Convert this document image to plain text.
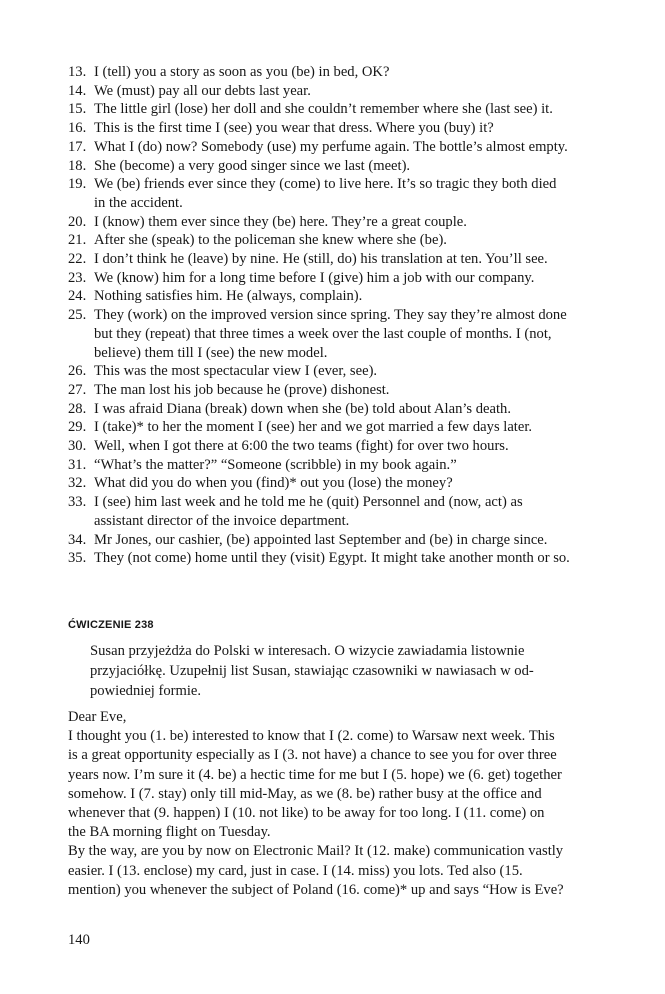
13. I (tell) you a story as soon as you (be) in bed, OK?
14. We (must) pay all our debts last year.
15. The little girl (lose) her doll and she couldn’t remember where she (last see) it.
16. This is the first time I (see) you wear that dress. Where you (buy) it?
17. What I (do) now? Somebody (use) my perfume again. The bottle’s almost empty.
18. She (become) a very good singer since we last (meet).
19. We (be) friends ever since they (come) to live here. It’s so tragic they both died
in the accident.
20. I (know) them ever since they (be) here. They’re a great couple.
21. After she (speak) to the policeman she knew where she (be).
22. I don’t think he (leave) by nine. He (still, do) his translation at ten. You’ll see.
23. We (know) him for a long time before I (give) him a job with our company.
24. Nothing satisfies him. He (always, complain).
25. They (work) on the improved version since spring. They say they’re almost done
but they (repeat) that three times a week over the last couple of months. I (not,
believe) them till I (see) the new model.
26. This was the most spectacular view I (ever, see).
27. The man lost his job because he (prove) dishonest.
28. I was afraid Diana (break) down when she (be) told about Alan’s death.
29. I (take)* to her the moment I (see) her and we got married a few days later.
30. Well, when I got there at 6:00 the two teams (fight) for over two hours.
31. “What’s the matter?” “Someone (scribble) in my book again.”
32. What did you do when you (find)* out you (lose) the money?
33. I (see) him last week and he told me he (quit) Personnel and (now, act) as
assistant director of the invoice department.
34. Mr Jones, our cashier, (be) appointed last September and (be) in charge since.
35. They (not come) home until they (visit) Egypt. It might take another month or so.
ĆWICZENIE 238
Susan przyjeżdża do Polski w interesach. O wizycie zawiadamia listownie
przyjaciółkę. Uzupełnij list Susan, stawiając czasowniki w nawiasach w od-
powiedniej formie.
Dear Eve,
I thought you (1. be) interested to know that I (2. come) to Warsaw next week. This
is a great opportunity especially as I (3. not have) a chance to see you for over three
years now. I’m sure it (4. be) a hectic time for me but I (5. hope) we (6. get) together
somehow. I (7. stay) only till mid-May, as we (8. be) rather busy at the office and
whenever that (9. happen) I (10. not like) to be away for too long. I (11. come) on
the BA morning flight on Tuesday.
By the way, are you by now on Electronic Mail? It (12. make) communication vastly
easier. I (13. enclose) my card, just in case. I (14. miss) you lots. Ted also (15.
mention) you whenever the subject of Poland (16. come)* up and says “How is Eve?
140
